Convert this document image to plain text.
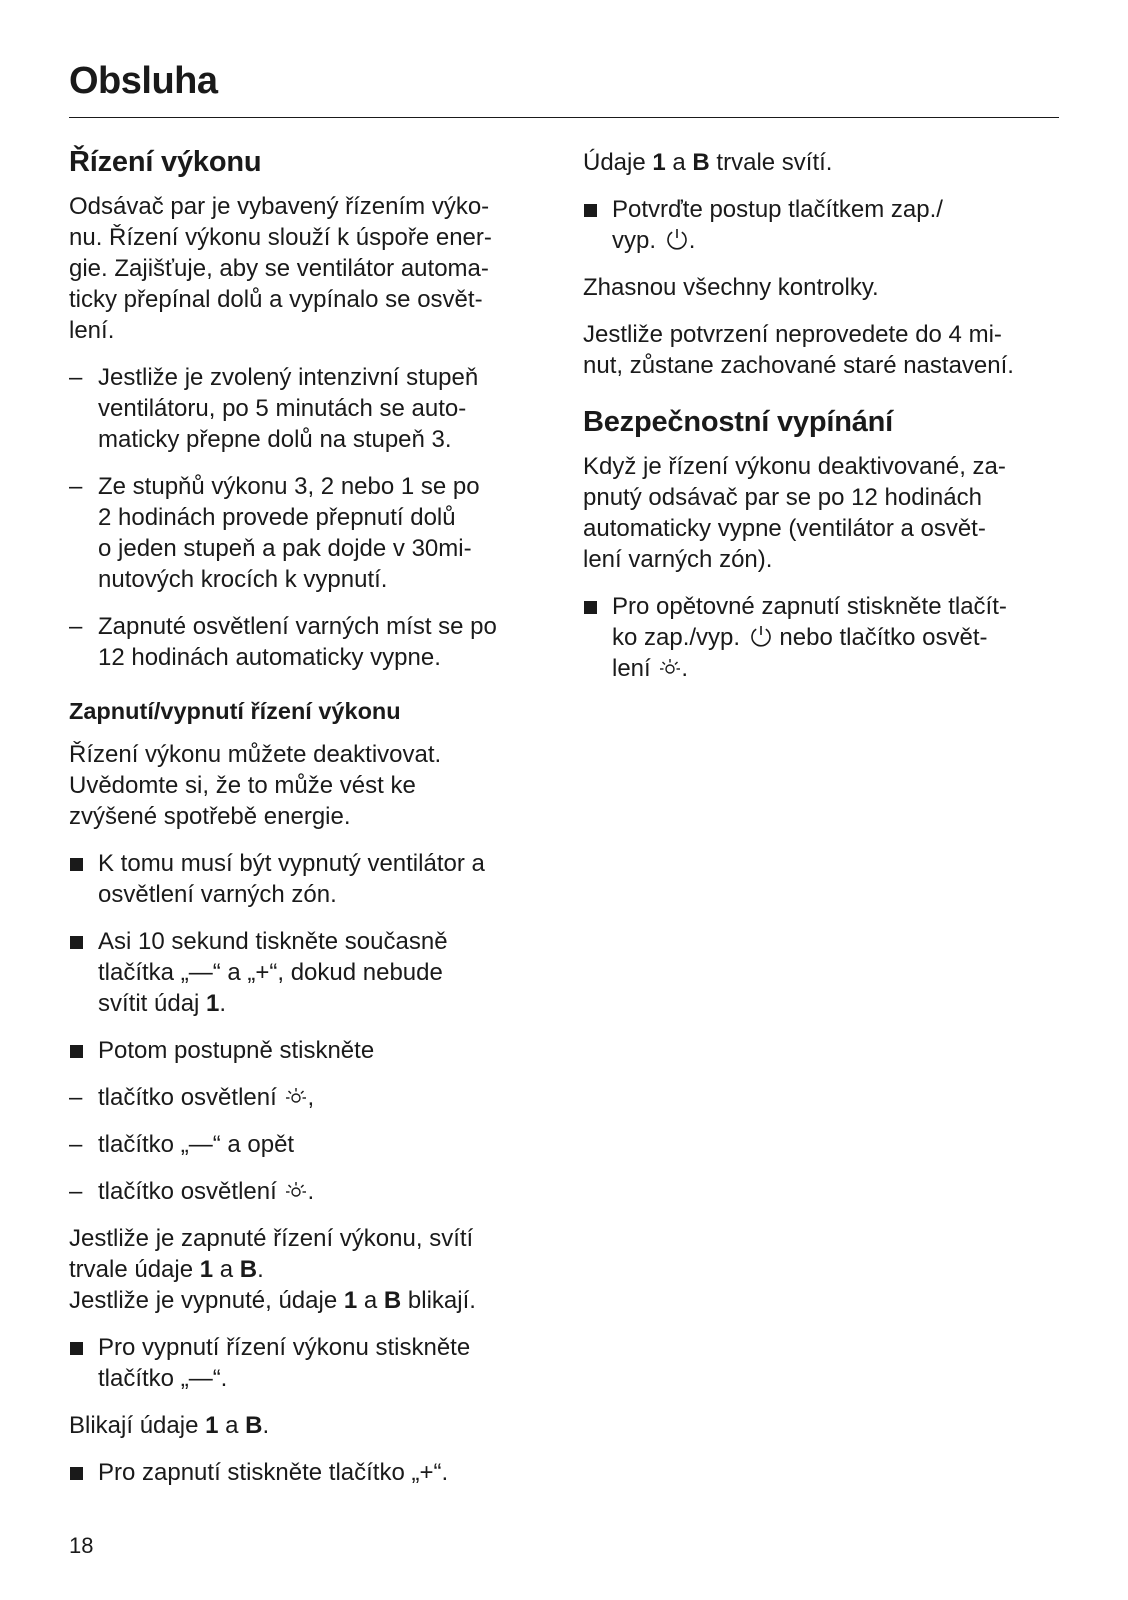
Obsluha
Řízení výkonu

Odsávač par je vybavený řízením výko-
nu. Řízení výkonu slouží k úspoře ener-
gie. Zajišťuje, aby se ventilátor automa-
ticky přepínal dolů a vypínalo se osvět-
lení.

– Jestliže je zvolený intenzivní stupeň
ventilátoru, po 5 minutách se auto-
maticky přepne dolů na stupeň 3.
– Ze stupňů výkonu 3, 2 nebo 1 se po
2 hodinách provede přepnutí dolů
o jeden stupeň a pak dojde v 30mi-
nutových krocích k vypnutí.
– Zapnuté osvětlení varných míst se po
12 hodinách automaticky vypne.
Zapnutí/vypnutí řízení výkonu

Řízení výkonu můžete deaktivovat.
Uvědomte si, že to může vést ke
zvýšené spotřebě energie.

K tomu musí být vypnutý ventilátor a
osvětlení varných zón.
Asi 10 sekund tiskněte současně
tlačítka „—“ a „+“, dokud nebude
svítit údaj 1.
Potom postupně stiskněte
– tlačítko osvětlení ,
– tlačítko „—“ a opět
– tlačítko osvětlení .

Jestliže je zapnuté řízení výkonu, svítí
trvale údaje 1 a B.
Jestliže je vypnuté, údaje 1 a B blikají.

Pro vypnutí řízení výkonu stiskněte
tlačítko „—“.

Blikají údaje 1 a B.

Pro zapnutí stiskněte tlačítko „+“.

Údaje 1 a B trvale svítí.

Potvrďte postup tlačítkem zap./
vyp. .

Zhasnou všechny kontrolky.

Jestliže potvrzení neprovedete do 4 mi-
nut, zůstane zachované staré nastavení.

Bezpečnostní vypínání

Když je řízení výkonu deaktivované, za-
pnutý odsávač par se po 12 hodinách
automaticky vypne (ventilátor a osvět-
lení varných zón).

Pro opětovné zapnutí stiskněte tlačít-
ko zap./vyp.  nebo tlačítko osvět-
lení .

18
